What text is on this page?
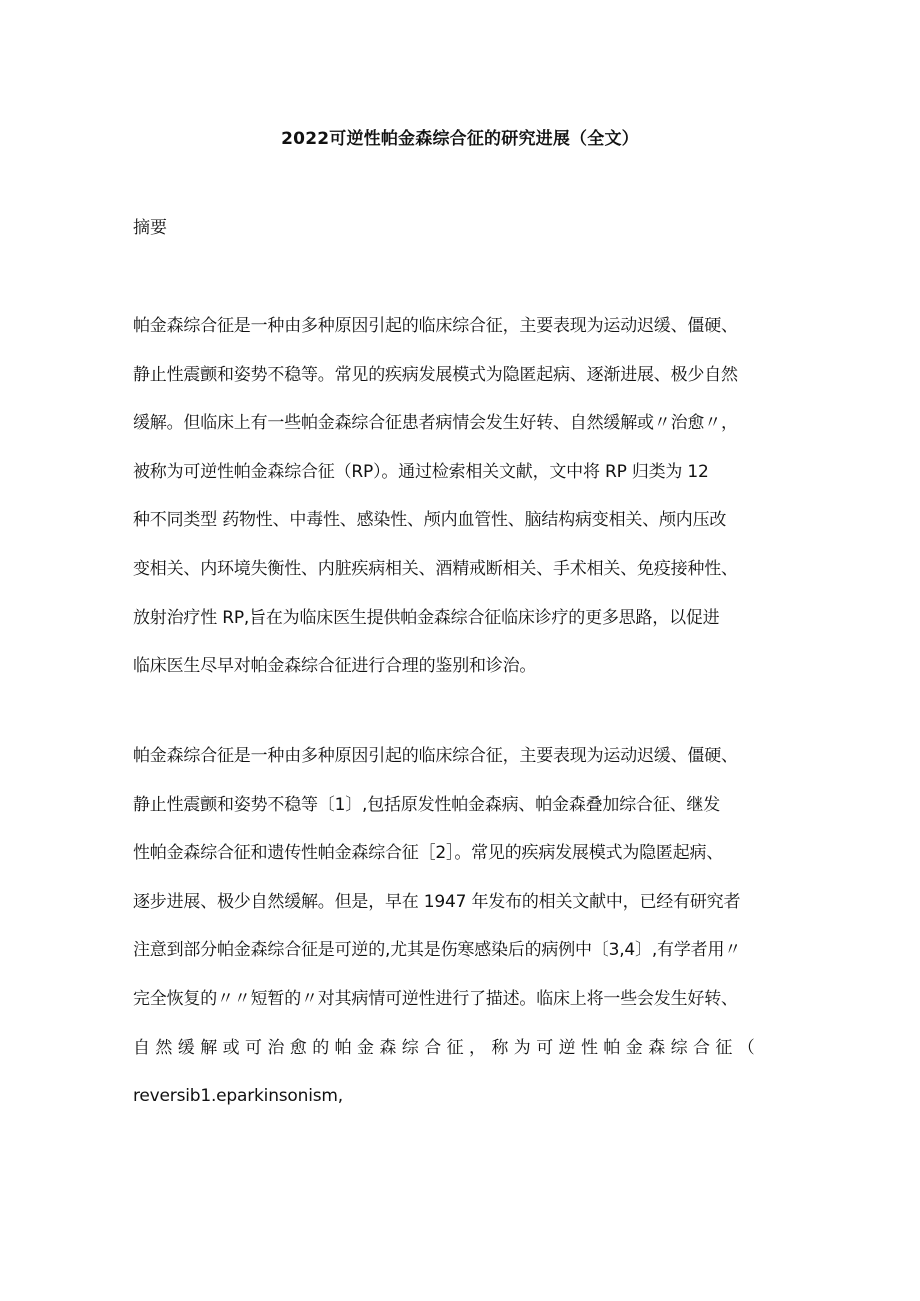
2022可逆性帕金森综合征的研究进展（全文）
摘要
帕金森综合征是一种由多种原因引起的临床综合征，主要表现为运动迟缓、僵硬、
静止性震颤和姿势不稳等。常见的疾病发展模式为隐匿起病、逐渐进展、极少自然
缓解。但临床上有一些帕金森综合征患者病情会发生好转、自然缓解或〃治愈〃，
被称为可逆性帕金森综合征（RP）。通过检索相关文献，文中将 RP 归类为 12
种不同类型 药物性、中毒性、感染性、颅内血管性、脑结构病变相关、颅内压改
变相关、内环境失衡性、内脏疾病相关、酒精戒断相关、手术相关、免疫接种性、
放射治疗性 RP,旨在为临床医生提供帕金森综合征临床诊疗的更多思路，以促进
临床医生尽早对帕金森综合征进行合理的鉴别和诊治。
帕金森综合征是一种由多种原因引起的临床综合征，主要表现为运动迟缓、僵硬、
静止性震颤和姿势不稳等〔1〕,包括原发性帕金森病、帕金森叠加综合征、继发
性帕金森综合征和遗传性帕金森综合征［2］。常见的疾病发展模式为隐匿起病、
逐步进展、极少自然缓解。但是，早在 1947 年发布的相关文献中，已经有研究者
注意到部分帕金森综合征是可逆的,尤其是伤寒感染后的病例中〔3,4〕,有学者用〃
完全恢复的〃〃短暂的〃对其病情可逆性进行了描述。临床上将一些会发生好转、
自然缓解或可治愈的帕金森综合征，称为可逆性帕金森综合征（
reversib1.eparkinsonism,
